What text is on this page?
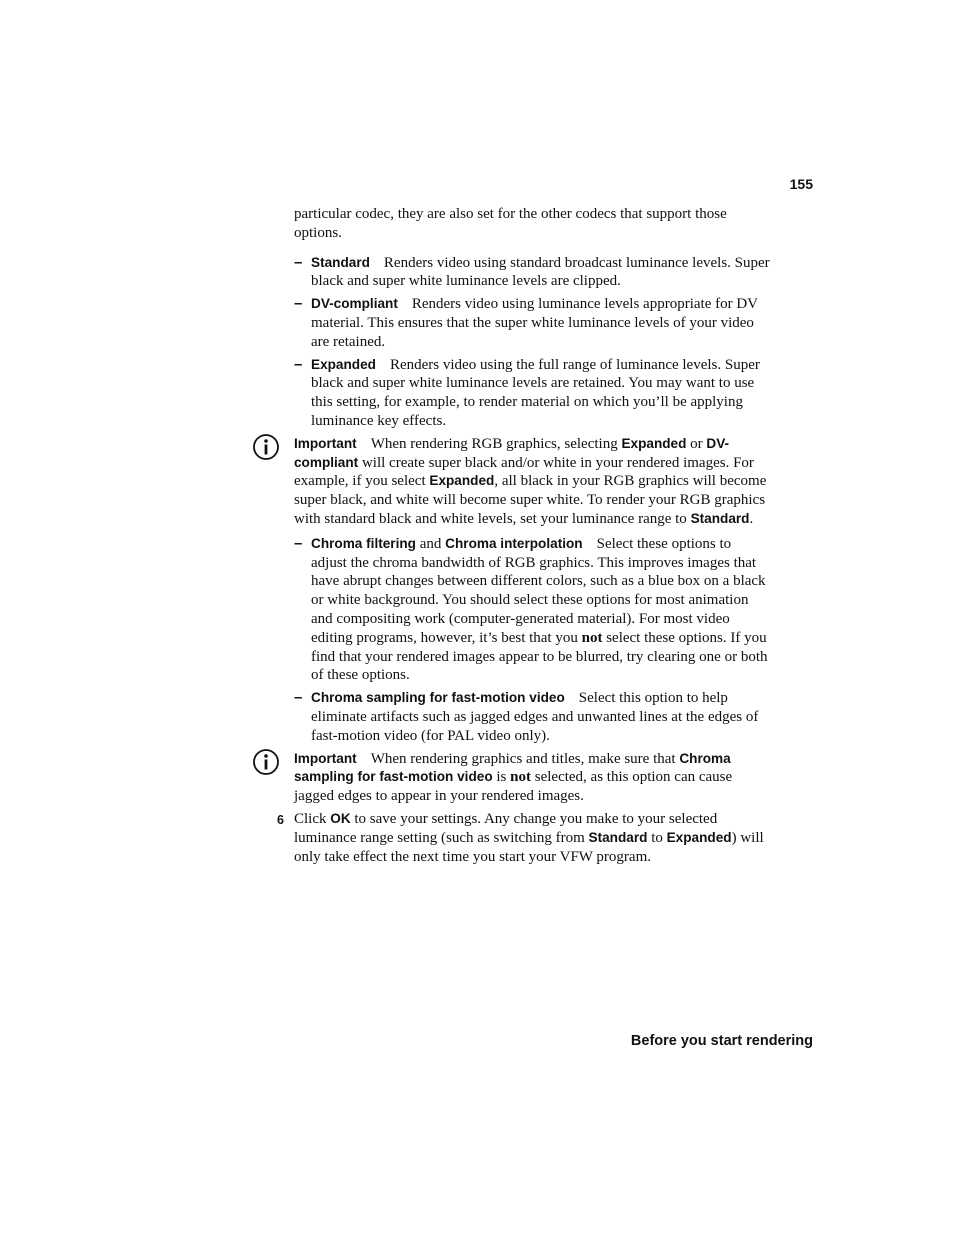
155

particular codec, they are also set for the other codecs that support those options.

– Standard Renders video using standard broadcast luminance levels. Super black and super white luminance levels are clipped.
– DV-compliant Renders video using luminance levels appropriate for DV material. This ensures that the super white luminance levels of your video are retained.
– Expanded Renders video using the full range of luminance levels. Super black and super white luminance levels are retained. You may want to use this setting, for example, to render material on which you’ll be applying luminance key effects.
Important When rendering RGB graphics, selecting Expanded or DV-compliant will create super black and/or white in your rendered images. For example, if you select Expanded, all black in your RGB graphics will become super black, and white will become super white. To render your RGB graphics with standard black and white levels, set your luminance range to Standard.
– Chroma filtering and Chroma interpolation Select these options to adjust the chroma bandwidth of RGB graphics. This improves images that have abrupt changes between different colors, such as a blue box on a black or white background. You should select these options for most animation and compositing work (computer-generated material). For most video editing programs, however, it’s best that you not select these options. If you find that your rendered images appear to be blurred, try clearing one or both of these options.
– Chroma sampling for fast-motion video Select this option to help eliminate artifacts such as jagged edges and unwanted lines at the edges of fast-motion video (for PAL video only).
Important When rendering graphics and titles, make sure that Chroma sampling for fast-motion video is not selected, as this option can cause jagged edges to appear in your rendered images.
6 Click OK to save your settings. Any change you make to your selected luminance range setting (such as switching from Standard to Expanded) will only take effect the next time you start your VFW program.
Before you start rendering
